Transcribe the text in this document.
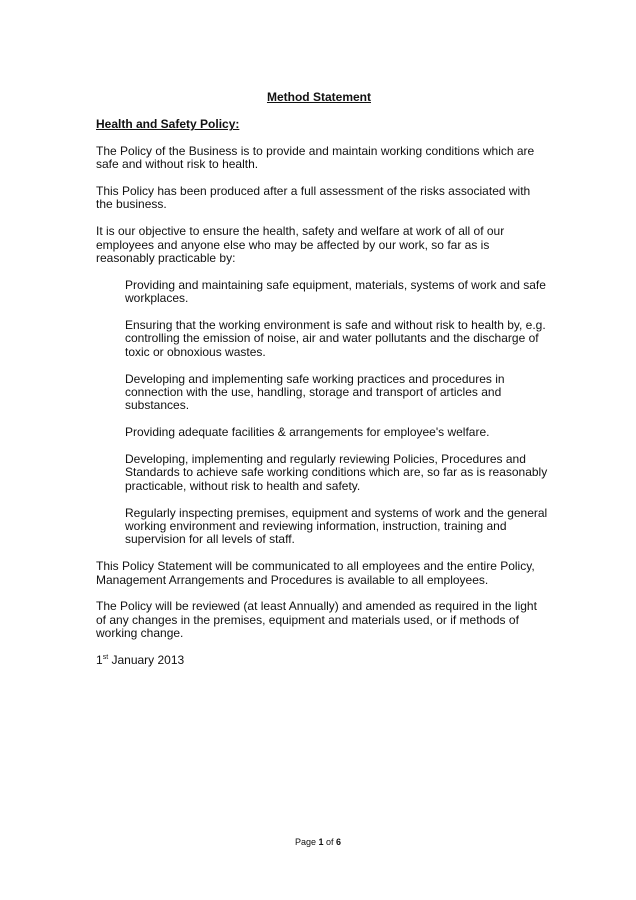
Method Statement
Health and Safety Policy:

The Policy of the Business is to provide and maintain working conditions which are safe and without risk to health.

This Policy has been produced after a full assessment of the risks associated with the business.

It is our objective to ensure the health, safety and welfare at work of all of our employees and anyone else who may be affected by our work, so far as is reasonably practicable by:

Providing and maintaining safe equipment, materials, systems of work and safe workplaces.
Ensuring that the working environment is safe and without risk to health by, e.g. controlling the emission of noise, air and water pollutants and the discharge of toxic or obnoxious wastes.
Developing and implementing safe working practices and procedures in connection with the use, handling, storage and transport of articles and substances.
Providing adequate facilities & arrangements for employee's welfare.
Developing, implementing and regularly reviewing Policies, Procedures and Standards to achieve safe working conditions which are, so far as is reasonably practicable, without risk to health and safety.
Regularly inspecting premises, equipment and systems of work and the general working environment and reviewing information, instruction, training and supervision for all levels of staff.

This Policy Statement will be communicated to all employees and the entire Policy, Management Arrangements and Procedures is available to all employees.

The Policy will be reviewed (at least Annually) and amended as required in the light of any changes in the premises, equipment and materials used, or if methods of working change.

1st January 2013

Page 1 of 6
